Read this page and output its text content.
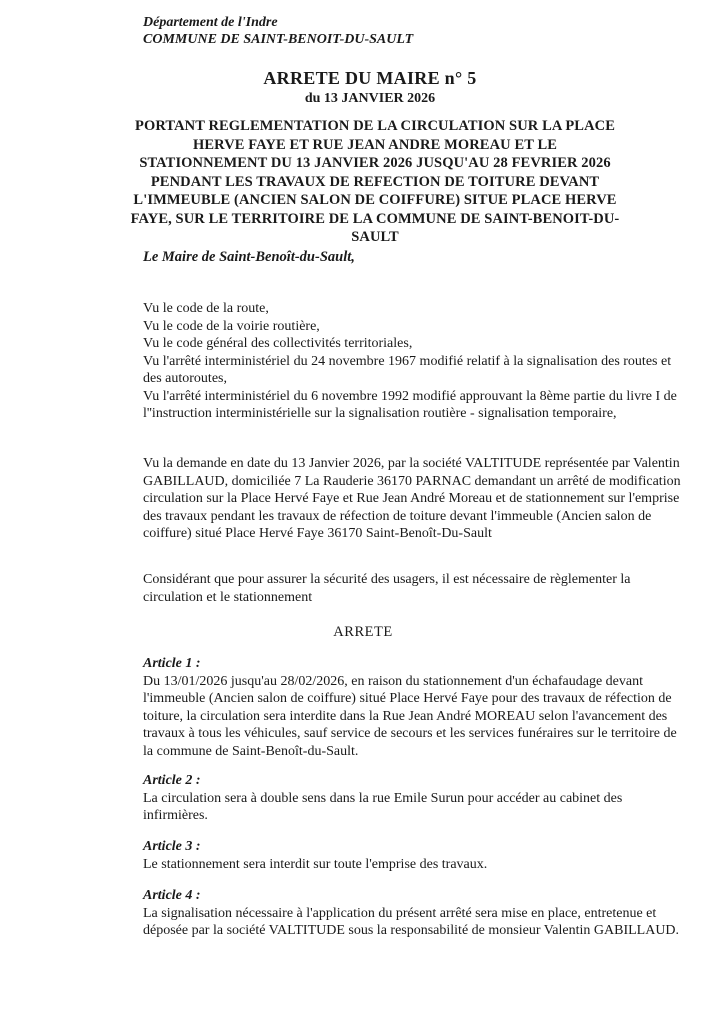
Département de l'Indre
COMMUNE DE SAINT-BENOIT-DU-SAULT
ARRETE DU MAIRE n° 5
du 13 JANVIER 2026
PORTANT REGLEMENTATION DE LA CIRCULATION SUR LA PLACE HERVE FAYE ET RUE JEAN ANDRE MOREAU ET LE STATIONNEMENT DU 13 JANVIER 2026 JUSQU'AU 28 FEVRIER 2026 PENDANT LES TRAVAUX DE REFECTION DE TOITURE DEVANT L'IMMEUBLE (ANCIEN SALON DE COIFFURE) SITUE PLACE HERVE FAYE, SUR LE TERRITOIRE DE LA COMMUNE DE SAINT-BENOIT-DU-SAULT
Le Maire de Saint-Benoît-du-Sault,
Vu le code de la route,
Vu le code de la voirie routière,
Vu le code général des collectivités territoriales,
Vu l'arrêté interministériel du 24 novembre 1967 modifié relatif à la signalisation des routes et des autoroutes,
Vu l'arrêté interministériel du 6 novembre 1992 modifié approuvant la 8ème partie du livre I de l''instruction interministérielle sur la signalisation routière - signalisation temporaire,
Vu la demande en date du 13 Janvier 2026, par la société VALTITUDE représentée par Valentin GABILLAUD, domiciliée 7 La Rauderie 36170 PARNAC demandant un arrêté de modification circulation sur la Place Hervé Faye et Rue Jean André Moreau et de stationnement sur l'emprise des travaux pendant les travaux de réfection de toiture devant l'immeuble (Ancien salon de coiffure) situé Place Hervé Faye 36170 Saint-Benoît-Du-Sault
Considérant que pour assurer la sécurité des usagers, il est nécessaire de règlementer la circulation et le stationnement
ARRETE
Article 1 :
Du 13/01/2026 jusqu'au 28/02/2026, en raison du stationnement d'un échafaudage devant l'immeuble (Ancien salon de coiffure) situé Place Hervé Faye pour des travaux de réfection de toiture, la circulation sera interdite dans la Rue Jean André MOREAU selon l'avancement des travaux à tous les véhicules, sauf service de secours et les services funéraires sur le territoire de la commune de Saint-Benoît-du-Sault.
Article 2 :
La circulation sera à double sens dans la rue Emile Surun pour accéder au cabinet des infirmières.
Article 3 :
Le stationnement sera interdit sur toute l'emprise des travaux.
Article 4 :
La signalisation nécessaire à l'application du présent arrêté sera mise en place, entretenue et déposée par la société VALTITUDE sous la responsabilité de monsieur Valentin GABILLAUD.
